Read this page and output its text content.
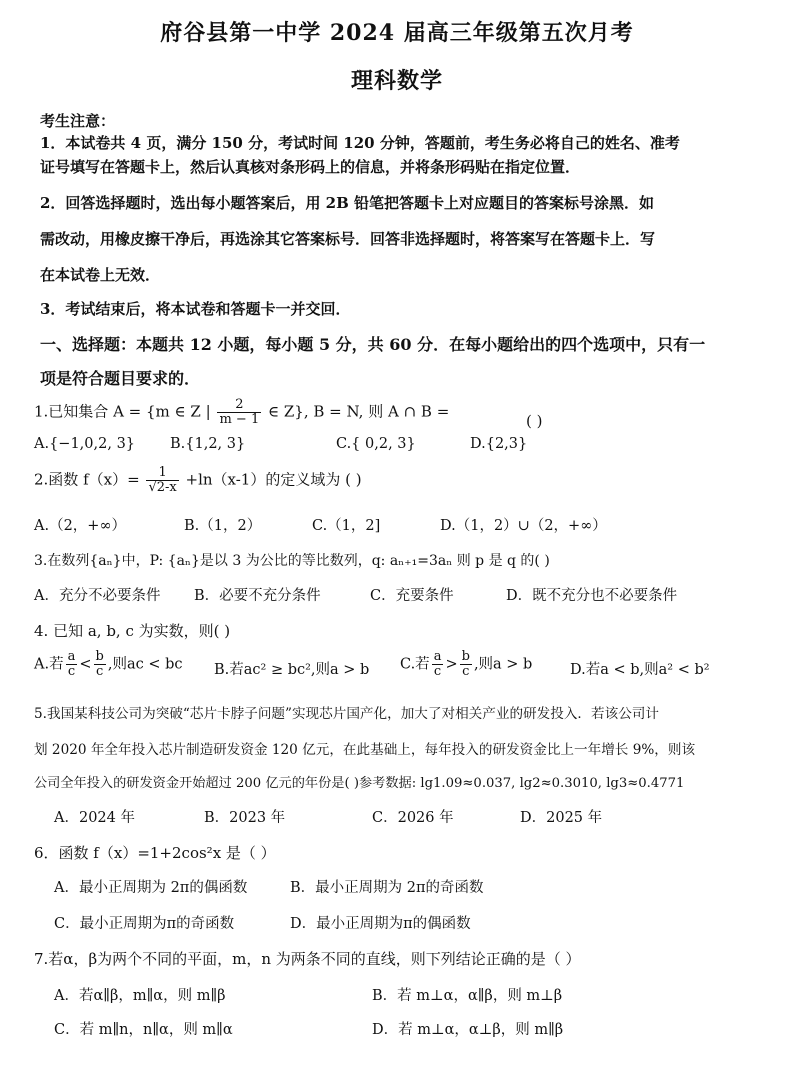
府谷县第一中学 2024 届高三年级第五次月考
理科数学
考生注意：
1．本试卷共 4 页，满分 150 分，考试时间 120 分钟，答题前，考生务必将自己的姓名、准考
证号填写在答题卡上，然后认真核对条形码上的信息，并将条形码贴在指定位置．
2．回答选择题时，选出每小题答案后，用 2B 铅笔把答题卡上对应题目的答案标号涂黑．如
需改动，用橡皮擦干净后，再选涂其它答案标号．回答非选择题时，将答案写在答题卡上．写
在本试卷上无效．
3．考试结束后，将本试卷和答题卡一并交回．
一、选择题：本题共 12 小题，每小题 5 分，共 60 分．在每小题给出的四个选项中，只有一
项是符合题目要求的．
1.已知集合 A = {m ∈ Z | $\frac{2}{m - 1}$ ∈ Z}, B = N, 则 A ∩ B =
( )
A.{−1,0,2, 3} B.{1,2, 3}	C.{ 0,2, 3}	D.{2,3}
2.函数 $f(x)= \frac{1}{√2-x} +\ln(x-1)$的定义域为 ( )
A.（2，+∞）	B.（1，2）	C.（1，2]	D.（1，2）∪（2，+∞）
3.在数列{aₙ}中，P: {aₙ}是以 3 为公比的等比数列，q: aₙ₊₁=3aₙ 则 p 是 q 的( )
A．充分不必要条件 B．必要不充分条件	C．充要条件	D．既不充分也不必要条件
4. 已知 a, b, c 为实数，则( )
A.若 $\frac{a}{c} < \frac{b}{c}$ ,则ac < bc B.若ac² ≥ bc²,则a > b C.若 $\frac{a}{c} > \frac{b}{c}$ ,则a > b	D.若a < b,则a² < b²
5.我国某科技公司为突破“芯片卡脖子问题”实现芯片国产化，加大了对相关产业的研发投入．若该公司计
划 2020 年全年投入芯片制造研发资金 120 亿元，在此基础上，每年投入的研发资金比上一年增长 9%，则该
公司全年投入的研发资金开始超过 200 亿元的年份是( )参考数据: lg1.09≈0.037, lg2≈0.3010, lg3≈0.4771
A．2024 年	B．2023 年	C．2026 年	D．2025 年
6．函数 f（x）=1+2cos²x 是（ ）
A．最小正周期为 2π的偶函数	B．最小正周期为 2π的奇函数
C．最小正周期为π的奇函数	D．最小正周期为π的偶函数
7.若α，β为两个不同的平面，m，n 为两条不同的直线，则下列结论正确的是（ ）
A．若α∥β，m∥α，则 m∥β	B．若 m⊥α，α∥β，则 m⊥β
C．若 m∥n，n∥α，则 m∥α	D．若 m⊥α，α⊥β，则 m∥β
